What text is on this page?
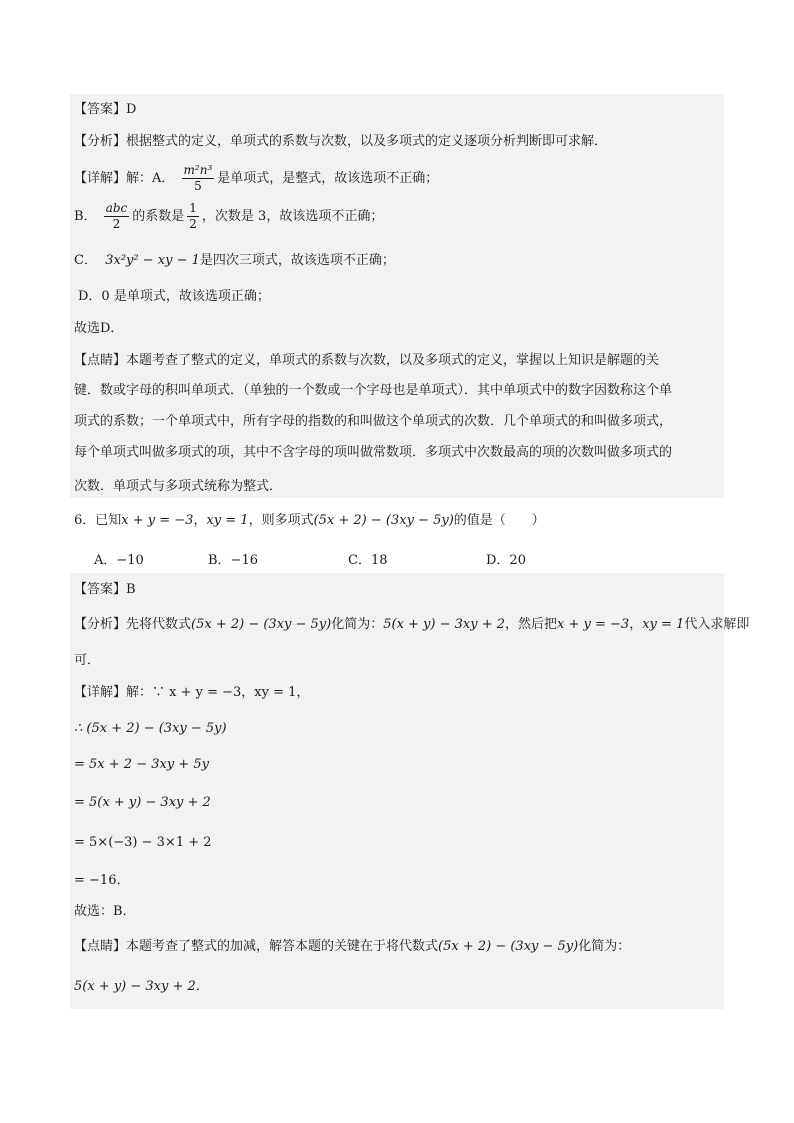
【答案】D
【分析】根据整式的定义，单项式的系数与次数，以及多项式的定义逐项分析判断即可求解．
【详解】解：A． $\frac{\text{m²n³}}{5}$ 是单项式，是整式，故该选项不正确；
B． $\frac{\text{abc}}{2}$ 的系数是 $\frac{1}{2}$ ，次数是 3，故该选项不正确；
C． 3x²y² − xy − 1是四次三项式，故该选项不正确；
D．0 是单项式，故该选项正确；
故选D．
【点睛】本题考查了整式的定义，单项式的系数与次数，以及多项式的定义，掌握以上知识是解题的关
键．数或字母的积叫单项式．（单独的一个数或一个字母也是单项式）．其中单项式中的数字因数称这个单
项式的系数；一个单项式中，所有字母的指数的和叫做这个单项式的次数．几个单项式的和叫做多项式，
每个单项式叫做多项式的项，其中不含字母的项叫做常数项．多项式中次数最高的项的次数叫做多项式的
次数．单项式与多项式统称为整式．
6．已知x + y = −3，xy = 1，则多项式(5x + 2) − (3xy − 5y)的值是（　　）
A．−10	B．−16	C．18	D．20
【答案】B
【分析】先将代数式(5x + 2) − (3xy − 5y)化简为：5(x + y) − 3xy + 2，然后把x + y = −3，xy = 1代入求解即
可．
【详解】解：∵ x + y = −3，xy = 1，
∴ (5x + 2) − (3xy − 5y)
= 5x + 2 − 3xy + 5y
= 5(x + y) − 3xy + 2
= 5×(−3) − 3×1 + 2
= −16．
故选：B．
【点睛】本题考查了整式的加减，解答本题的关键在于将代数式(5x + 2) − (3xy − 5y)化简为：
5(x + y) − 3xy + 2．
